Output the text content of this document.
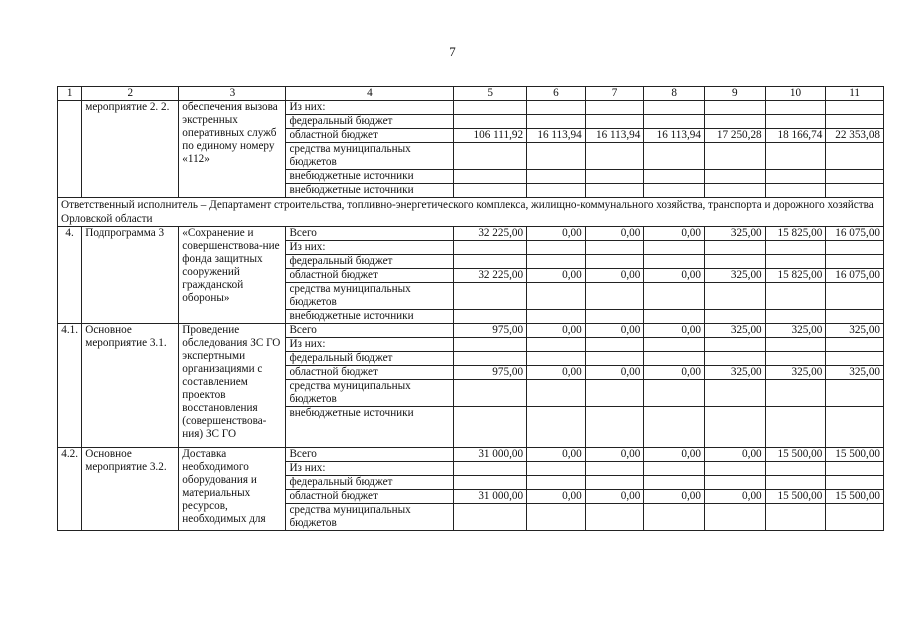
7
1	2	3	4	5	6	7	8	9	10	11
	мероприятие 2. 2.	обеспечения вызова экстренных оперативных служб по единому номеру «112»	Из них:							
			федеральный бюджет							
			областной бюджет	106 111,92	16 113,94	16 113,94	16 113,94	17 250,28	18 166,74	22 353,08
			средства муниципальных бюджетов							

			внебюджетные источники							
			внебюджетные источники							
Ответственный исполнитель – Департамент строительства, топливно-энергетического комплекса, жилищно-коммунального хозяйства, транспорта и дорожного хозяйства Орловской области										
4.	Подпрограмма 3	«Сохранение и совершенствова-ние фонда защитных сооружений гражданской обороны»	Всего	32 225,00	0,00	0,00	0,00	325,00	15 825,00	16 075,00
			Из них:							
			федеральный бюджет							
			областной бюджет	32 225,00	0,00	0,00	0,00	325,00	15 825,00	16 075,00
			средства муниципальных бюджетов							

			внебюджетные источники							
4.1.	Основное мероприятие 3.1.	Проведение обследования ЗС ГО экспертными организациями с составлением проектов восстановления (совершенствова-ния) ЗС ГО	Всего	975,00	0,00	0,00	0,00	325,00	325,00	325,00
			Из них:							
			федеральный бюджет							
			областной бюджет	975,00	0,00	0,00	0,00	325,00	325,00	325,00
			средства муниципальных бюджетов							

			внебюджетные источники							
4.2.	Основное мероприятие 3.2.	Доставка необходимого оборудования и материальных ресурсов, необходимых для	Всего	31 000,00	0,00	0,00	0,00	0,00	15 500,00	15 500,00
			Из них:							
			федеральный бюджет							
			областной бюджет	31 000,00	0,00	0,00	0,00	0,00	15 500,00	15 500,00
			средства муниципальных бюджетов							
